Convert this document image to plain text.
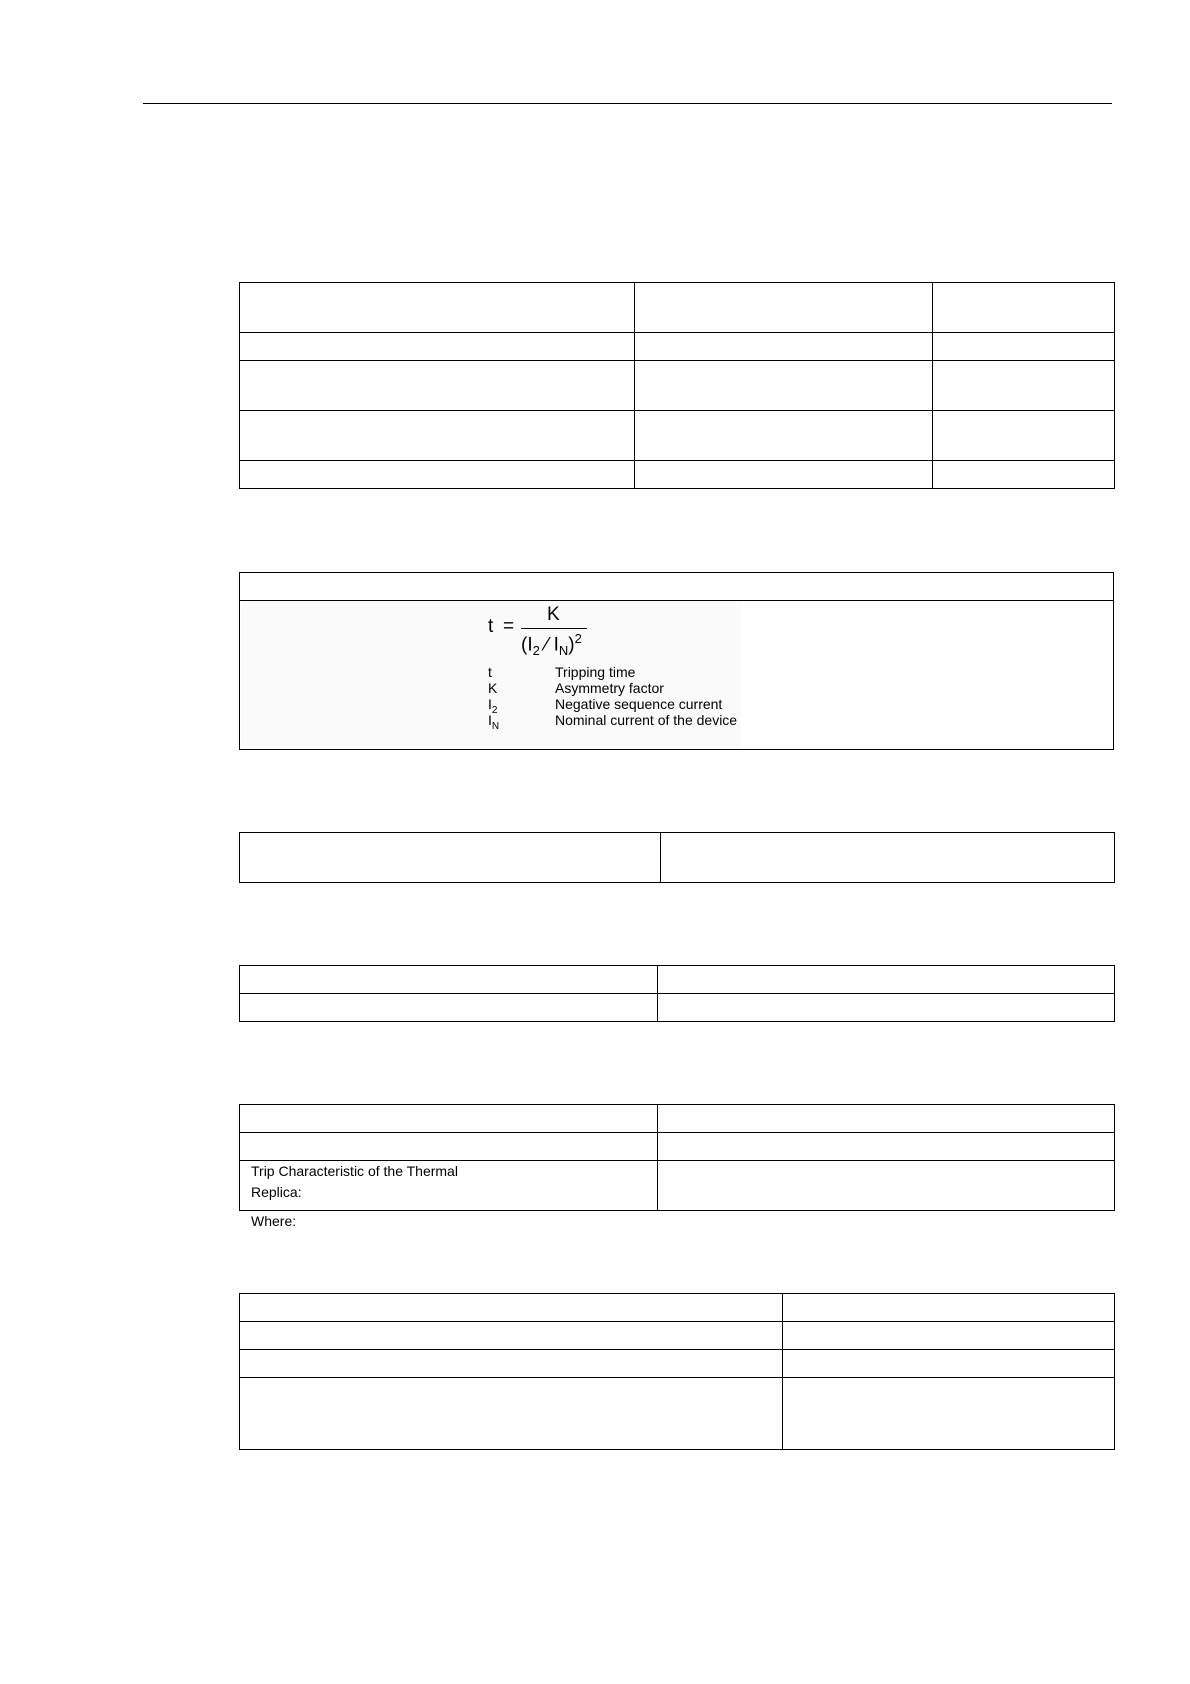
Trip Characteristic of the Thermal Replica:
Where:
t =
K
($I_2$ ⁄ $I_N)^2$
t	Tripping time
K	Asymmetry factor
$I_2$	Negative sequence current
$I_N$	Nominal current of the device
